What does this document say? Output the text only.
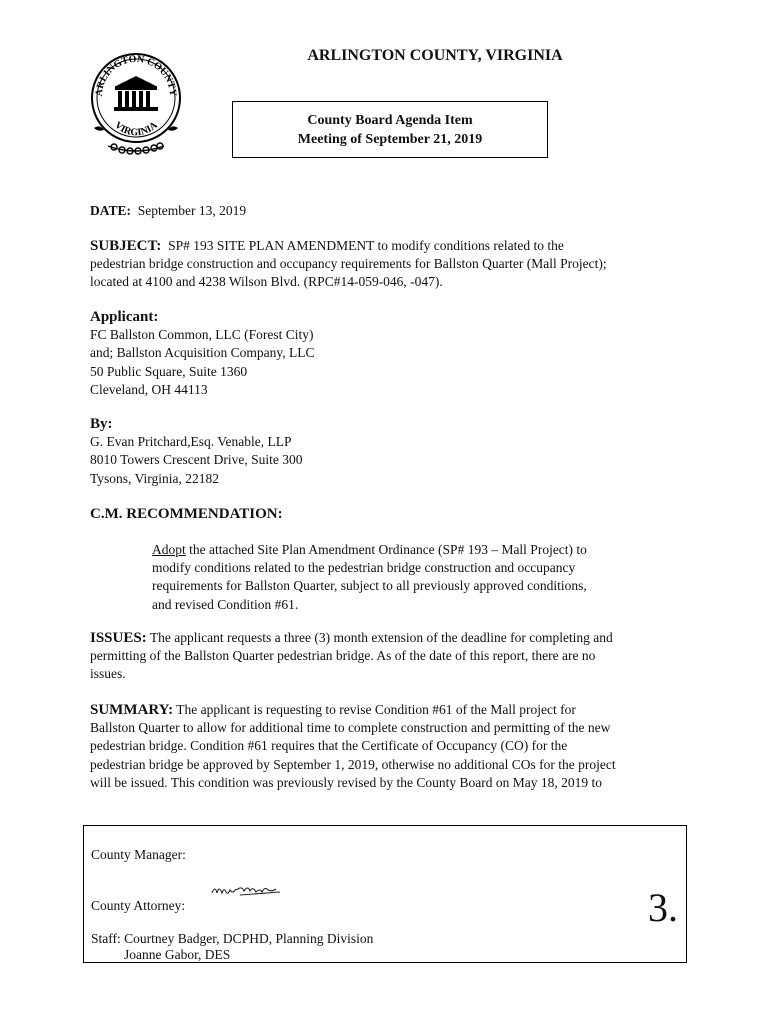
ARLINGTON COUNTY
VIRGINIA
ARLINGTON COUNTY, VIRGINIA
County Board Agenda Item
Meeting of September 21, 2019
DATE: September 13, 2019
SUBJECT: SP# 193 SITE PLAN AMENDMENT to modify conditions related to the
pedestrian bridge construction and occupancy requirements for Ballston Quarter (Mall Project);
located at 4100 and 4238 Wilson Blvd. (RPC#14-059-046, -047).
Applicant:
FC Ballston Common, LLC (Forest City)
and; Ballston Acquisition Company, LLC
50 Public Square, Suite 1360
Cleveland, OH 44113
By:
G. Evan Pritchard,Esq. Venable, LLP
8010 Towers Crescent Drive, Suite 300
Tysons, Virginia, 22182
C.M. RECOMMENDATION:
Adopt the attached Site Plan Amendment Ordinance (SP# 193 – Mall Project) to
modify conditions related to the pedestrian bridge construction and occupancy
requirements for Ballston Quarter, subject to all previously approved conditions,
and revised Condition #61.
ISSUES: The applicant requests a three (3) month extension of the deadline for completing and
permitting of the Ballston Quarter pedestrian bridge. As of the date of this report, there are no
issues.
SUMMARY: The applicant is requesting to revise Condition #61 of the Mall project for
Ballston Quarter to allow for additional time to complete construction and permitting of the new
pedestrian bridge. Condition #61 requires that the Certificate of Occupancy (CO) for the
pedestrian bridge be approved by September 1, 2019, otherwise no additional COs for the project
will be issued. This condition was previously revised by the County Board on May 18, 2019 to
County Manager:
County Attorney:
Staff: Courtney Badger, DCPHD, Planning Division
Joanne Gabor, DES
3.
